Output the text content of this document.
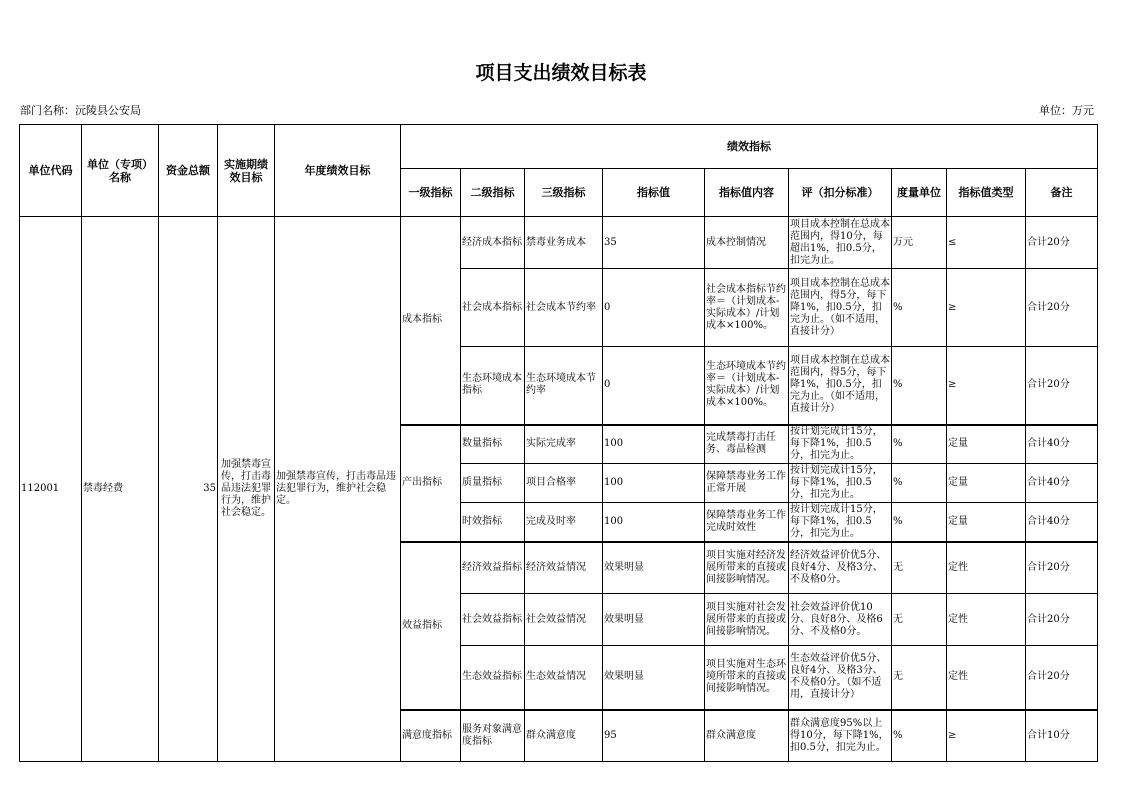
项目支出绩效目标表
部门名称：沅陵县公安局	单位：万元
单位代码	单位（专项）名称	资金总额	实施期绩效目标	年度绩效目标	绩效指标								
					一级指标	二级指标	三级指标	指标值	指标值内容	评（扣分标准）	度量单位	指标值类型	备注
112001	禁毒经费	35	加强禁毒宣传，打击毒品违法犯罪行为，维护社会稳定。	加强禁毒宣传，打击毒品违法犯罪行为，维护社会稳定。	成本指标	经济成本指标	禁毒业务成本	35	成本控制情况	项目成本控制在总成本范围内，得10分，每超出1%，扣0.5分，扣完为止。	万元	≤	合计20分
						社会成本指标	社会成本节约率	0	社会成本指标节约率＝（计划成本-实际成本）/计划成本×100%。	项目成本控制在总成本范围内，得5分，每下降1%，扣0.5分，扣完为止。（如不适用，直接计分）	%	≥	合计20分
						生态环境成本指标	生态环境成本节约率	0	生态环境成本节约率＝（计划成本-实际成本）/计划成本×100%。	项目成本控制在总成本范围内，得5分，每下降1%，扣0.5分，扣完为止。（如不适用，直接计分）	%	≥	合计20分
					产出指标	数量指标	实际完成率	100	完成禁毒打击任务、毒品检测	按计划完成计15分，每下降1%，扣0.5分，扣完为止。	%	定量	合计40分
						质量指标	项目合格率	100	保障禁毒业务工作正常开展	按计划完成计15分，每下降1%，扣0.5分，扣完为止。	%	定量	合计40分
						时效指标	完成及时率	100	保障禁毒业务工作完成时效性	按计划完成计15分，每下降1%，扣0.5分，扣完为止。	%	定量	合计40分
					效益指标	经济效益指标	经济效益情况	效果明显	项目实施对经济发展所带来的直接或间接影响情况。	经济效益评价优5分、良好4分、及格3分、不及格0分。	无	定性	合计20分
						社会效益指标	社会效益情况	效果明显	项目实施对社会发展所带来的直接或间接影响情况。	社会效益评价优10分、良好8分、及格6分、不及格0分。	无	定性	合计20分
						生态效益指标	生态效益情况	效果明显	项目实施对生态环境所带来的直接或间接影响情况。	生态效益评价优5分、良好4分、及格3分、不及格0分。（如不适用，直接计分）	无	定性	合计20分
					满意度指标	服务对象满意度指标	群众满意度	95	群众满意度	群众满意度95%以上得10分，每下降1%，扣0.5分，扣完为止。	%	≥	合计10分
